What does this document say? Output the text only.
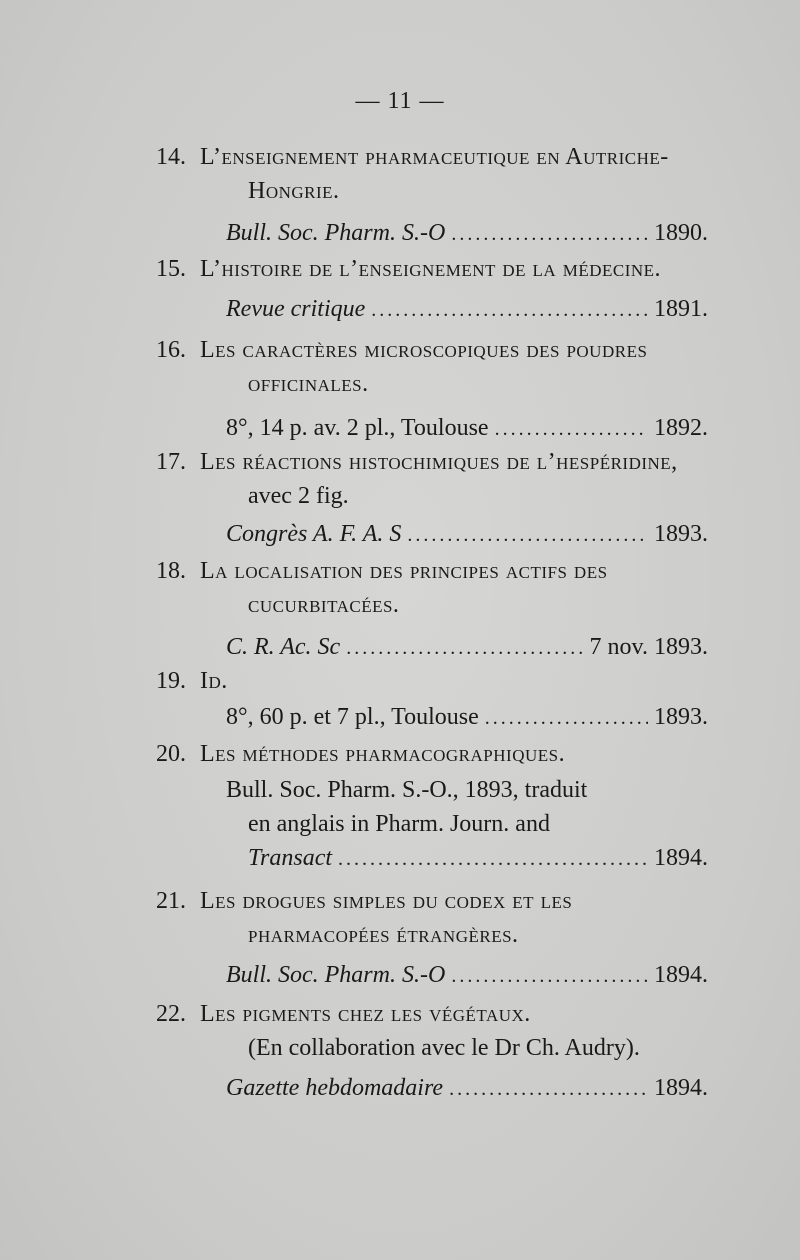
— 11 —
14. L’enseignement pharmaceutique en Autriche-
Hongrie.
Bull. Soc. Pharm. S.-O .....	1890.
15. L’histoire de l’enseignement de la médecine.
Revue critique .....	1891.
16. Les caractères microscopiques des poudres
officinales.
8°, 14 p. av. 2 pl., Toulouse .....	1892.
17. Les réactions histochimiques de l’hespéridine,
avec 2 fig.
Congrès A. F. A. S .....	1893.
18. La localisation des principes actifs des
cucurbitacées.
C. R. Ac. Sc .....	7 nov. 1893.
19. Id.
8°, 60 p. et 7 pl., Toulouse .....	1893.
20. Les méthodes pharmacographiques.
Bull. Soc. Pharm. S.-O., 1893, traduit
en anglais in Pharm. Journ. and
Transact .....	1894.
21. Les drogues simples du codex et les
pharmacopées étrangères.
Bull. Soc. Pharm. S.-O .....	1894.
22. Les pigments chez les végétaux.
(En collaboration avec le Dr Ch. Audry).
Gazette hebdomadaire .....	1894.
